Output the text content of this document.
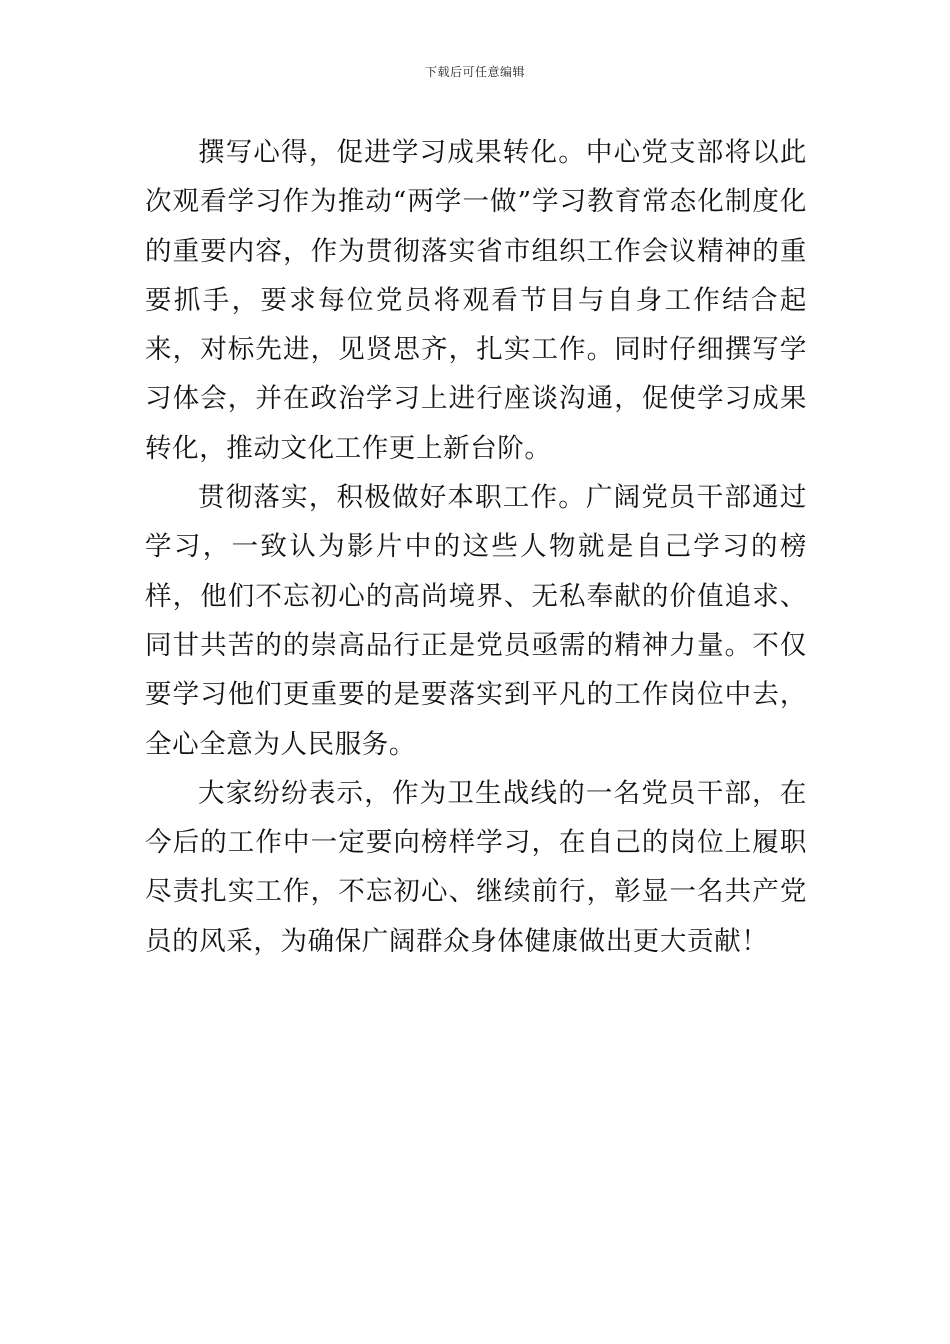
下载后可任意编辑

撰写心得，促进学习成果转化。中心党支部将以此次观看学习作为推动“两学一做”学习教育常态化制度化的重要内容，作为贯彻落实省市组织工作会议精神的重要抓手，要求每位党员将观看节目与自身工作结合起来，对标先进，见贤思齐，扎实工作。同时仔细撰写学习体会，并在政治学习上进行座谈沟通，促使学习成果转化，推动文化工作更上新台阶。

贯彻落实，积极做好本职工作。广阔党员干部通过学习，一致认为影片中的这些人物就是自己学习的榜样，他们不忘初心的高尚境界、无私奉献的价值追求、同甘共苦的的崇高品行正是党员亟需的精神力量。不仅要学习他们更重要的是要落实到平凡的工作岗位中去，全心全意为人民服务。

大家纷纷表示，作为卫生战线的一名党员干部，在今后的工作中一定要向榜样学习，在自己的岗位上履职尽责扎实工作，不忘初心、继续前行，彰显一名共产党员的风采，为确保广阔群众身体健康做出更大贡献！
